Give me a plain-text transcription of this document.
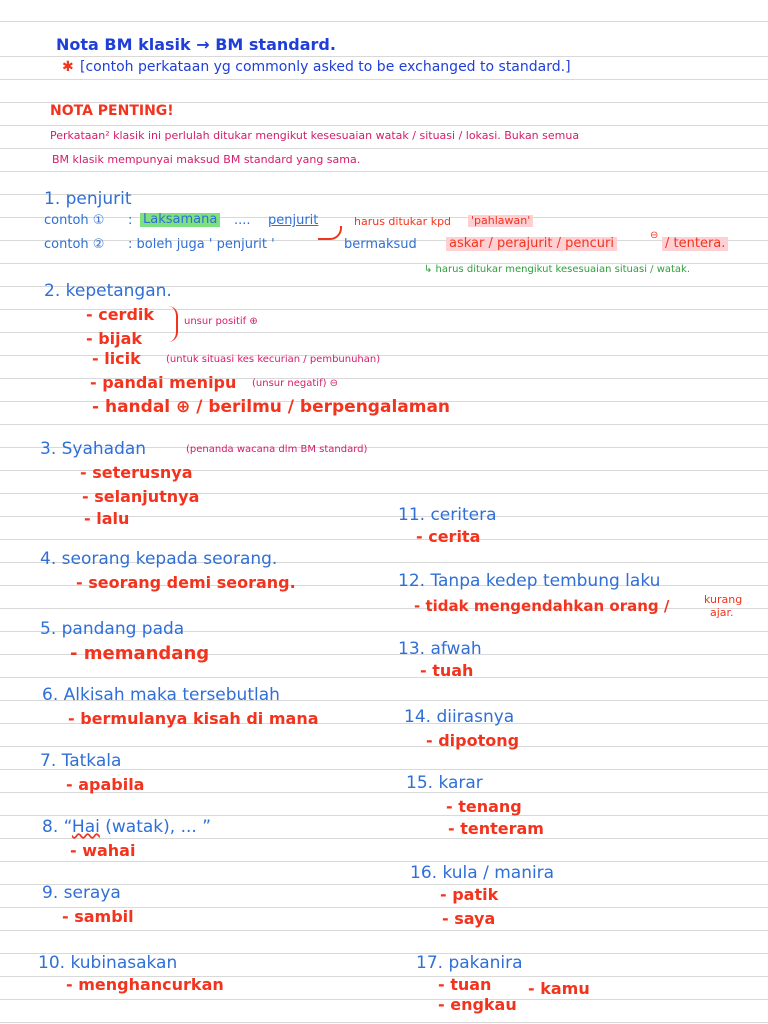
Nota BM klasik → BM standard.
✱ [contoh perkataan yg commonly asked to be exchanged to standard.]
NOTA PENTING!
Perkataan² klasik ini perlulah ditukar mengikut kesesuaian watak / situasi / lokasi. Bukan semua
BM klasik mempunyai maksud BM standard yang sama.
1. penjurit
contoh ① : Laksamana .... penjurit	harus ditukar kpd 'pahlawan'
contoh ② : boleh juga ' penjurit '	bermaksud askar / perajurit / pencuri
⊖
/ tentera.
↳ harus ditukar mengikut kesesuaian situasi / watak.
2. kepetangan.
- cerdik
- bijak
unsur positif ⊕
- licik	(untuk situasi kes kecurian / pembunuhan)
- pandai menipu (unsur negatif) ⊖
- handal ⊕ / berilmu / berpengalaman
3. Syahadan	(penanda wacana dlm BM standard)
- seterusnya
- selanjutnya
- lalu
4. seorang kepada seorang.
- seorang demi seorang.
5. pandang pada
- memandang
6. Alkisah maka tersebutlah
- bermulanya kisah di mana
7. Tatkala
- apabila
8. “Hai (watak), ... ”
- wahai
9. seraya
- sambil
10. kubinasakan
- menghancurkan
11. ceritera
- cerita
12. Tanpa kedep tembung laku
- tidak mengendahkan orang /	kurang
ajar.
13. afwah
- tuah
14. diirasnya
- dipotong
15. karar
- tenang
- tenteram
16. kula / manira
- patik
- saya
17. pakanira
- tuan - kamu
- engkau
